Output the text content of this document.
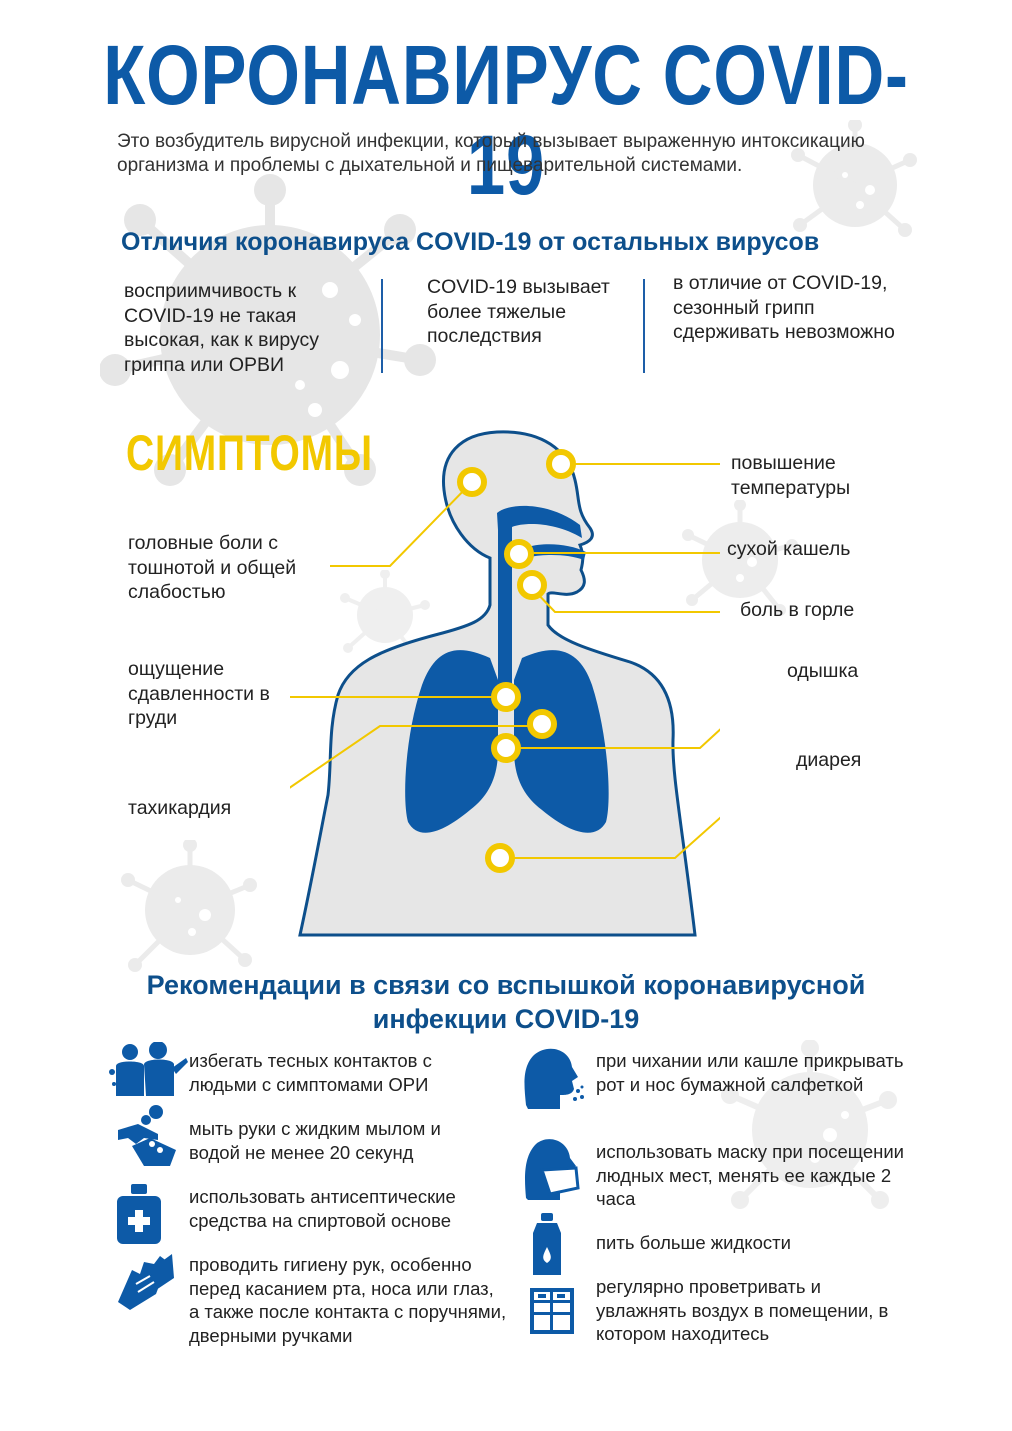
КОРОНАВИРУС COVID-19

Это возбудитель вирусной инфекции, который вызывает выраженную интоксикацию организма и проблемы с дыхательной и пищеварительной системами.

Отличия коронавируса COVID-19 от остальных вирусов

восприимчивость к COVID-19 не такая высокая, как к вирусу гриппа или ОРВИ

COVID-19 вызывает более тяжелые последствия

в отличие от COVID-19, сезонный грипп сдерживать невозможно

СИМПТОМЫ

головные боли с тошнотой и общей слабостью

ощущение сдавленности в груди

тахикардия

повышение температуры

сухой кашель

боль в горле

одышка

диарея

Рекомендации в связи со вспышкой коронавирусной
инфекции COVID-19

избегать тесных контактов с людьми с симптомами ОРИ

мыть руки с жидким мылом и водой не менее 20 секунд

использовать антисептические средства на спиртовой основе

проводить гигиену рук, особенно перед касанием рта, носа или глаз, а также после контакта с поручнями, дверными ручками

при чихании или кашле прикрывать рот и нос бумажной салфеткой

использовать маску при посещении людных мест, менять ее каждые 2 часа

пить больше жидкости

регулярно проветривать и увлажнять воздух в помещении, в котором находитесь
